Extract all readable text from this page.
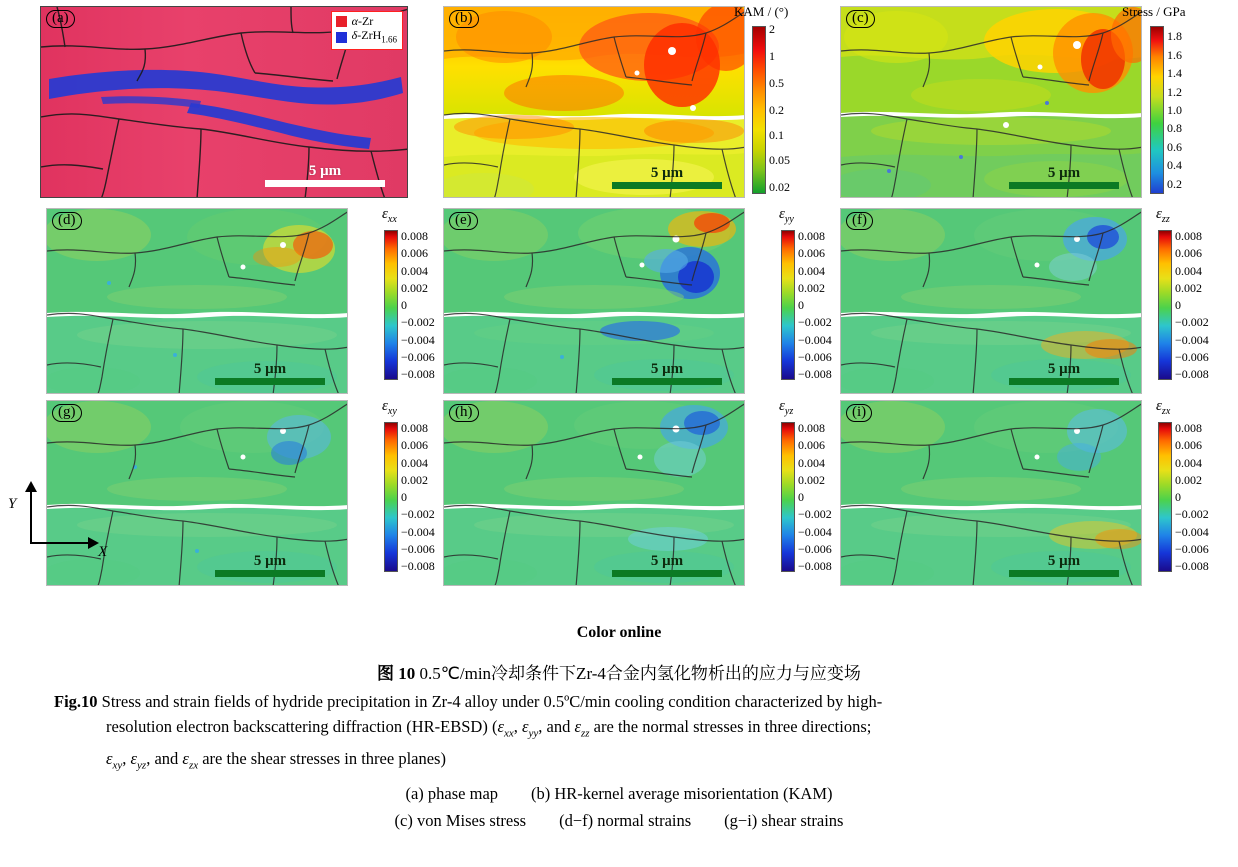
α-Zr
δ-ZrH$_{1.66}$
5 μm
(a)
5 μm
(b)	KAM / (°)
2
1
0.5
0.2
0.1
0.05
0.02
5 μm
(c)	Stress / GPa
1.8
1.6
1.4
1.2
1.0
0.8
0.6
0.4
0.2
5 μm
(d)	$\varepsilon_{xx}$
0.008
0.006
0.004
0.002
0
−0.002
−0.004
−0.006
−0.008	5 μm
(e)	$\varepsilon_{yy}$
0.008
0.006
0.004
0.002
0
−0.002
−0.004
−0.006
−0.008	5 μm
(f)	$\varepsilon_{zz}$
0.008
0.006
0.004
0.002
0
−0.002
−0.004
−0.006
−0.008
5 μm
(g)	$\varepsilon_{xy}$
0.008
0.006
0.004
0.002
0
−0.002
−0.004
−0.006
−0.008	5 μm
(h)	$\varepsilon_{yz}$
0.008
0.006
0.004
0.002
0
−0.002
−0.004
−0.006
−0.008	5 μm
(i)	$\varepsilon_{zx}$
0.008
0.006
0.004
0.002
0
−0.002
−0.004
−0.006
−0.008
Y
X
Color online
图 10 0.5℃/min冷却条件下Zr-4合金内氢化物析出的应力与应变场
Fig.10 Stress and strain fields of hydride precipitation in Zr-4 alloy under 0.5ºC/min cooling condition characterized by high-
resolution electron backscattering diffraction (HR-EBSD) ($\varepsilon_{xx}$, $\varepsilon_{yy}$, and $\varepsilon_{zz}$ are the normal stresses in three directions;
$\varepsilon_{xy}$, $\varepsilon_{yz}$, and $\varepsilon_{zx}$ are the shear stresses in three planes)
(a) phase map  (b) HR-kernel average misorientation (KAM)
(c) von Mises stress  (d−f) normal strains  (g−i) shear strains
